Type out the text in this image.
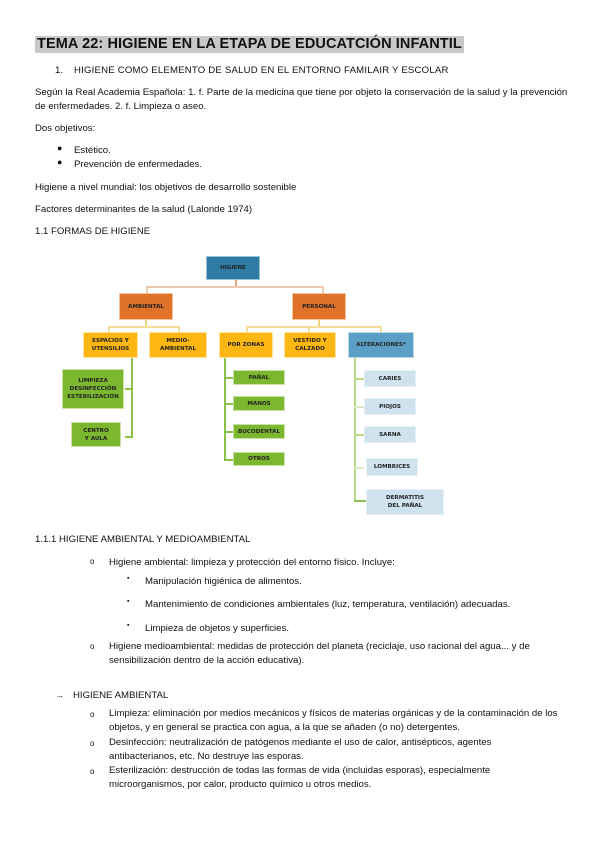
TEMA 22: HIGIENE EN LA ETAPA DE EDUCATCIÓN INFANTIL
1. HIGIENE COMO ELEMENTO DE SALUD EN EL ENTORNO FAMILAIR Y ESCOLAR
Según la Real Academia Española: 1. f. Parte de la medicina que tiene por objeto la conservación de la salud y la prevención de enfermedades. 2. f. Limpieza o aseo.
Dos objetivos:
● Estético.
● Prevención de enfermedades.
Higiene a nivel mundial: los objetivos de desarrollo sostenible
Factores determinantes de la salud (Lalonde 1974)
1.1 FORMAS DE HIGIENE
HIGIENE
AMBIENTAL	PERSONAL
ESPACIOS Y UTENSILIOS
MEDIO-AMBIENTAL
POR ZONAS
VESTIDO Y CALZADO
ALTERACIONES*
LIMPIEZA DESINFECCIÓN ESTERILIZACIÓN
CENTRO Y AULA
PAÑAL
MANOS
BUCODENTAL
OTROS
CARIES
PIOJOS
SARNA
LOMBRICES
DERMATITIS DEL PAÑAL
1.1.1 HIGIENE AMBIENTAL Y MEDIOAMBIENTAL
o Higiene ambiental: limpieza y protección del entorno físico. Incluye:
▪ Manipulación higiénica de alimentos.
▪ Mantenimiento de condiciones ambientales (luz, temperatura, ventilación) adecuadas.
▪ Limpieza de objetos y superficies.
o Higiene medioambiental: medidas de protección del planeta (reciclaje, uso racional del agua... y de sensibilización dentro de la acción educativa).
→ HIGIENE AMBIENTAL
o Limpieza: eliminación por medios mecánicos y físicos de materias orgánicas y de la contaminación de los objetos, y en general se practica con agua, a la que se añaden (o no) detergentes.
o Desinfección: neutralización de patógenos mediante el uso de calor, antisépticos, agentes antibacterianos, etc. No destruye las esporas.
o Esterilización: destrucción de todas las formas de vida (incluidas esporas), especialmente microorganismos, por calor, producto químico u otros medios.
